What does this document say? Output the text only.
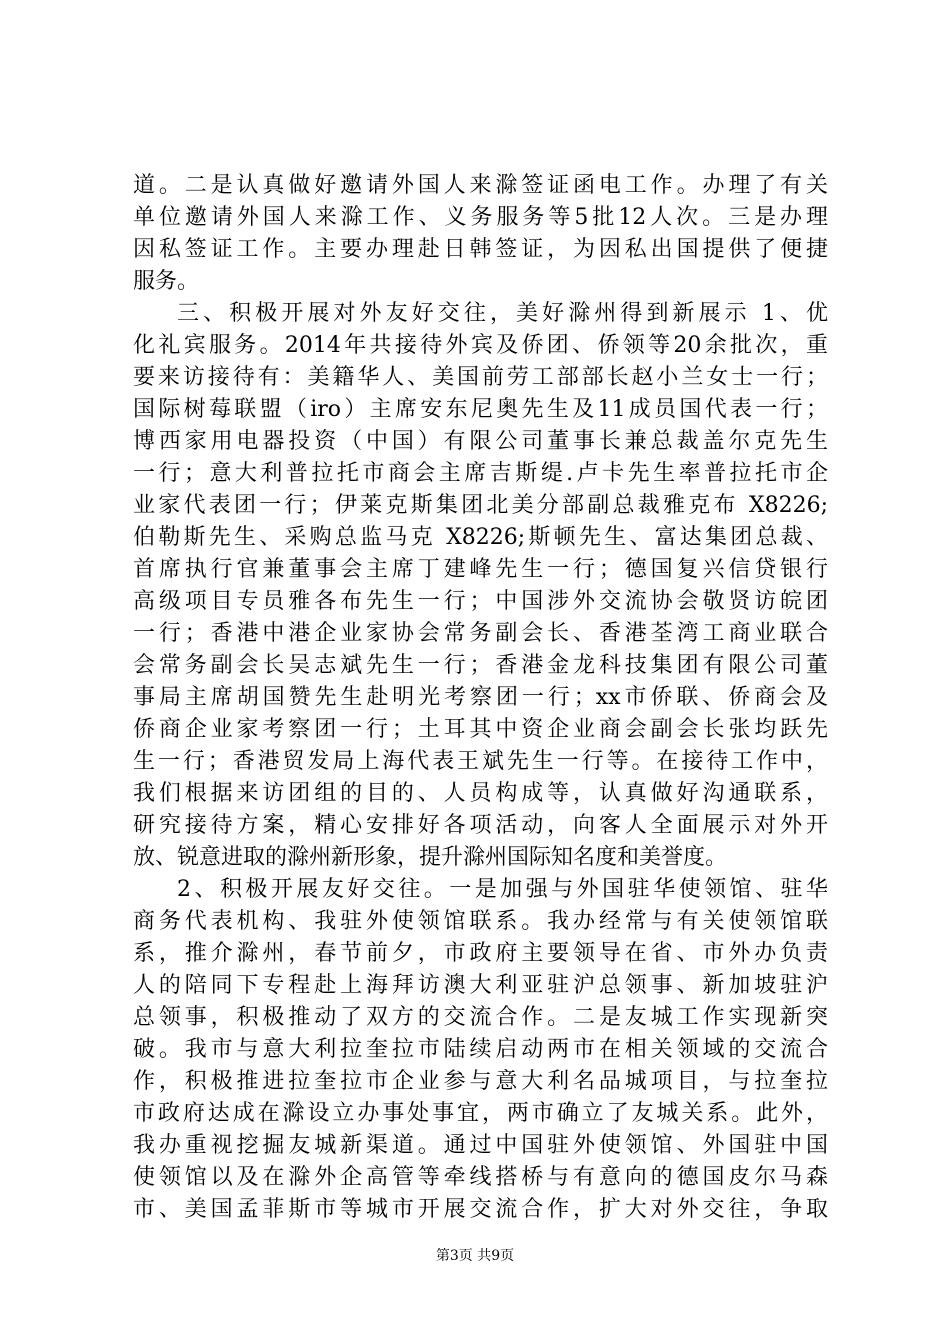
道。二是认真做好邀请外国人来滁签证函电工作。办理了有关
单位邀请外国人来滁工作、义务服务等5批12人次。三是办理
因私签证工作。主要办理赴日韩签证，为因私出国提供了便捷
服务。
三、积极开展对外友好交往，美好滁州得到新展示 1、优
化礼宾服务。2014年共接待外宾及侨团、侨领等20余批次，重
要来访接待有：美籍华人、美国前劳工部部长赵小兰女士一行；
国际树莓联盟（iro）主席安东尼奥先生及11成员国代表一行；
博西家用电器投资（中国）有限公司董事长兼总裁盖尔克先生
一行；意大利普拉托市商会主席吉斯缇.卢卡先生率普拉托市企
业家代表团一行；伊莱克斯集团北美分部副总裁雅克布 X8226;
伯勒斯先生、采购总监马克 X8226;斯顿先生、富达集团总裁、
首席执行官兼董事会主席丁建峰先生一行；德国复兴信贷银行
高级项目专员雅各布先生一行；中国涉外交流协会敬贤访皖团
一行；香港中港企业家协会常务副会长、香港荃湾工商业联合
会常务副会长吴志斌先生一行；香港金龙科技集团有限公司董
事局主席胡国赞先生赴明光考察团一行；xx市侨联、侨商会及
侨商企业家考察团一行；土耳其中资企业商会副会长张均跃先
生一行；香港贸发局上海代表王斌先生一行等。在接待工作中，
我们根据来访团组的目的、人员构成等，认真做好沟通联系，
研究接待方案，精心安排好各项活动，向客人全面展示对外开
放、锐意进取的滁州新形象，提升滁州国际知名度和美誉度。
2、积极开展友好交往。一是加强与外国驻华使领馆、驻华
商务代表机构、我驻外使领馆联系。我办经常与有关使领馆联
系，推介滁州，春节前夕，市政府主要领导在省、市外办负责
人的陪同下专程赴上海拜访澳大利亚驻沪总领事、新加坡驻沪
总领事，积极推动了双方的交流合作。二是友城工作实现新突
破。我市与意大利拉奎拉市陆续启动两市在相关领域的交流合
作，积极推进拉奎拉市企业参与意大利名品城项目，与拉奎拉
市政府达成在滁设立办事处事宜，两市确立了友城关系。此外，
我办重视挖掘友城新渠道。通过中国驻外使领馆、外国驻中国
使领馆以及在滁外企高管等牵线搭桥与有意向的德国皮尔马森
市、美国孟菲斯市等城市开展交流合作，扩大对外交往，争取
第3页 共9页
